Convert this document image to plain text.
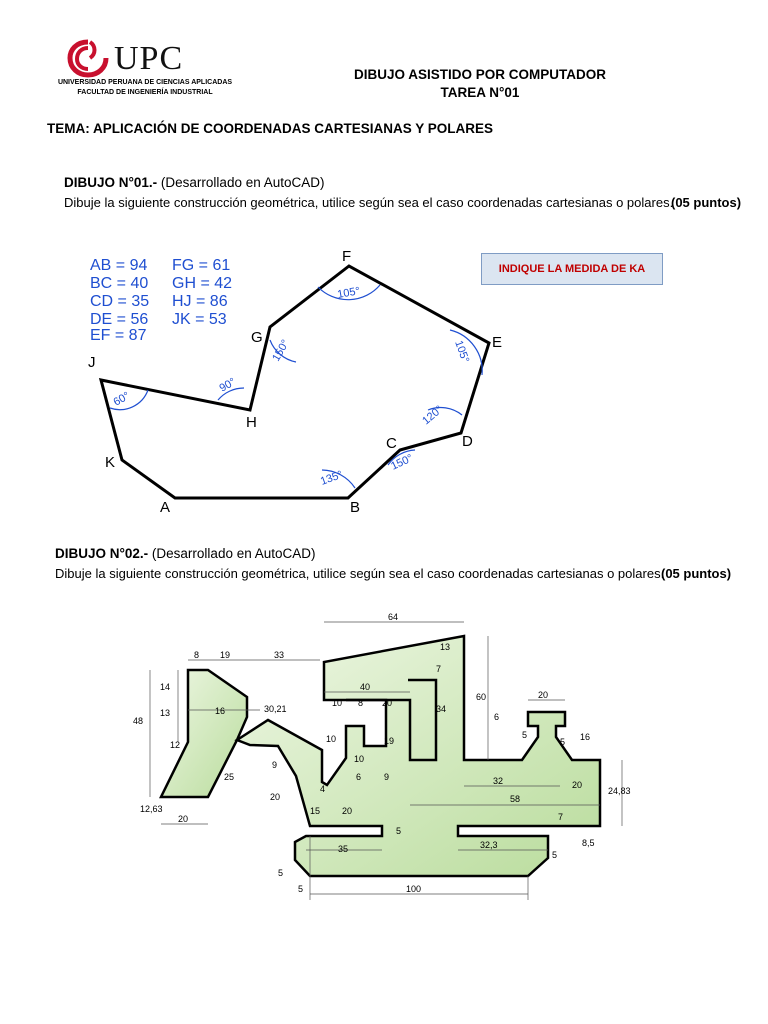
UPC
UNIVERSIDAD PERUANA DE CIENCIAS APLICADAS
FACULTAD DE INGENIERÍA INDUSTRIAL
DIBUJO ASISTIDO POR COMPUTADOR
TAREA N°01
TEMA: APLICACIÓN DE COORDENADAS CARTESIANAS Y POLARES
DIBUJO N°01.- (Desarrollado en AutoCAD)
Dibuje la siguiente construcción geométrica, utilice según sea el caso coordenadas cartesianas o polares.
(05 puntos)
INDIQUE LA MEDIDA DE KA
AB = 94
BC = 40
CD = 35
DE = 56
EF = 87
FG = 61
GH = 42
HJ = 86
JK = 53
135°
150°
120°
105°
105°
150°
90°
60°
A	B
C	D
E
F
G
H
J
K
DIBUJO N°02.- (Desarrollado en AutoCAD)
Dibuje la siguiente construcción geométrica, utilice según sea el caso coordenadas cartesianas o polares.
(05 puntos)
64
8 19	33
13
7
40
14
13
48
16	30,21
10 8 20
34
60	20
6
5
5 16
12
10
10
19
25
9
6	9
12,63
20
20
4
32	20
24,83
58
15 20
5
7
35	32,3
5
8,5
5
5	100
